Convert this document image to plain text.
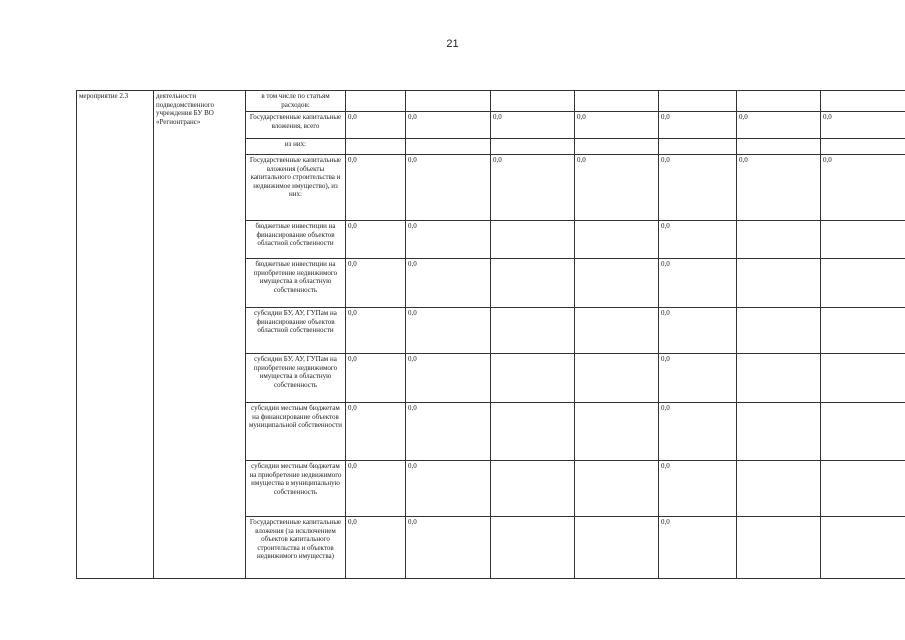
21
мероприятие 2.3	деятельности подведомственного учреждения БУ ВО «Регионтранс»	в том числе по статьям расходов:							
		Государственные капитальные вложения, всего	0,0	0,0	0,0	0,0	0,0	0,0	0,0
		из них:							
		Государственные капитальные вложения (объекты капитального строительства и недвижимое имущество), из них:	0,0	0,0	0,0	0,0	0,0	0,0	0,0
		бюджетные инвестиции на финансирование объектов областной собственности	0,0	0,0			0,0		
		бюджетные инвестиции на приобретение недвижимого имущества в областную собственность	0,0	0,0			0,0		
		субсидии БУ, АУ, ГУПам на финансирование объектов областной собственности	0,0	0,0			0,0		
		субсидии БУ, АУ, ГУПам на приобретение недвижимого имущества в областную собственность	0,0	0,0			0,0		
		субсидии местным бюджетам на финансирование объектов муниципальной собственности	0,0	0,0			0,0		
		субсидии местным бюджетам на приобретение недвижимого имущества в муниципальную собственность	0,0	0,0			0,0		
		Государственные капитальные вложения (за исключением объектов капитального строительства и объектов недвижимого имущества)	0,0	0,0			0,0		
